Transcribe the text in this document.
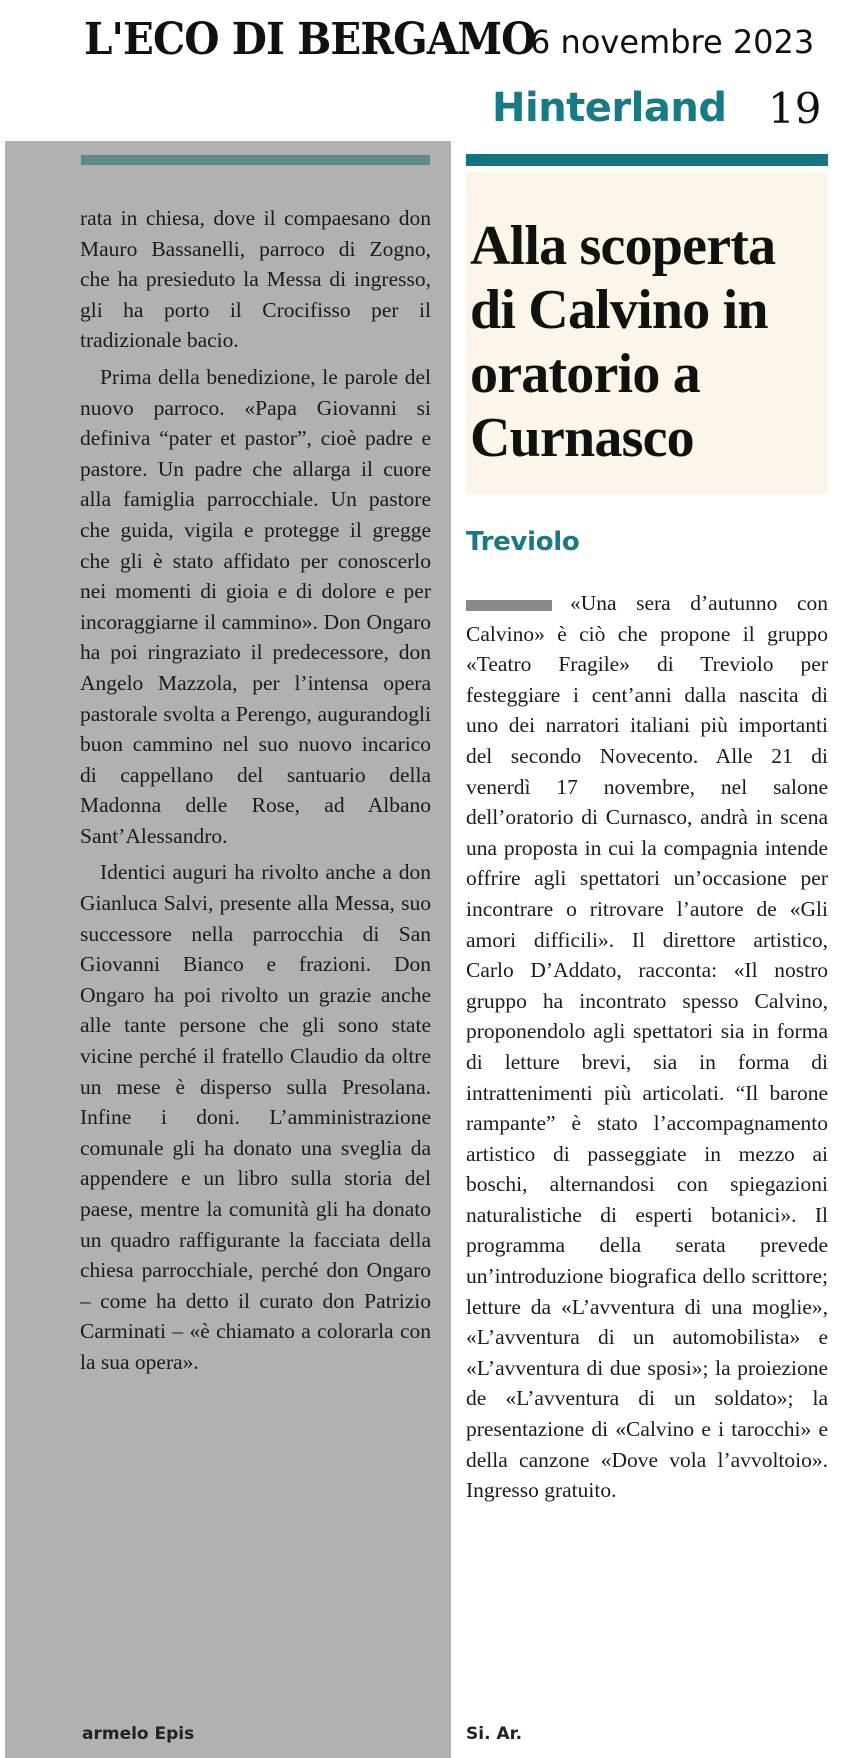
L'ECO DI BERGAMO
6 novembre 2023
Hinterland 19

rata in chiesa, dove il compaesano don Mauro Bassanelli, parroco di Zogno, che ha presieduto la Messa di ingresso, gli ha porto il Crocifisso per il tradizionale bacio.

Prima della benedizione, le parole del nuovo parroco. «Papa Giovanni si definiva “pater et pastor”, cioè padre e pastore. Un padre che allarga il cuore alla famiglia parrocchiale. Un pastore che guida, vigila e protegge il gregge che gli è stato affidato per conoscerlo nei momenti di gioia e di dolore e per incoraggiarne il cammino». Don Ongaro ha poi ringraziato il predecessore, don Angelo Mazzola, per l’intensa opera pastorale svolta a Perengo, augurandogli buon cammino nel suo nuovo incarico di cappellano del santuario della Madonna delle Rose, ad Albano Sant’Alessandro.

Identici auguri ha rivolto anche a don Gianluca Salvi, presente alla Messa, suo successore nella parrocchia di San Giovanni Bianco e frazioni. Don Ongaro ha poi rivolto un grazie anche alle tante persone che gli sono state vicine perché il fratello Claudio da oltre un mese è disperso sulla Presolana. Infine i doni. L’amministrazione comunale gli ha donato una sveglia da appendere e un libro sulla storia del paese, mentre la comunità gli ha donato un quadro raffigurante la facciata della chiesa parrocchiale, perché don Ongaro – come ha detto il curato don Patrizio Carminati – «è chiamato a colorarla con la sua opera».

armelo Epis
Alla scoperta di Calvino in oratorio a Curnasco
Treviolo
«Una sera d’autunno con Calvino» è ciò che propone il gruppo «Teatro Fragile» di Treviolo per festeggiare i cent’anni dalla nascita di uno dei narratori italiani più importanti del secondo Novecento. Alle 21 di venerdì 17 novembre, nel salone dell’oratorio di Curnasco, andrà in scena una proposta in cui la compagnia intende offrire agli spettatori un’occasione per incontrare o ritrovare l’autore de «Gli amori difficili». Il direttore artistico, Carlo D’Addato, racconta: «Il nostro gruppo ha incontrato spesso Calvino, proponendolo agli spettatori sia in forma di letture brevi, sia in forma di intrattenimenti più articolati. “Il barone rampante” è stato l’accompagnamento artistico di passeggiate in mezzo ai boschi, alternandosi con spiegazioni naturalistiche di esperti botanici». Il programma della serata prevede un’introduzione biografica dello scrittore; letture da «L’avventura di una moglie», «L’avventura di un automobilista» e «L’avventura di due sposi»; la proiezione de «L’avventura di un soldato»; la presentazione di «Calvino e i tarocchi» e della canzone «Dove vola l’avvoltoio». Ingresso gratuito.
Si. Ar.
